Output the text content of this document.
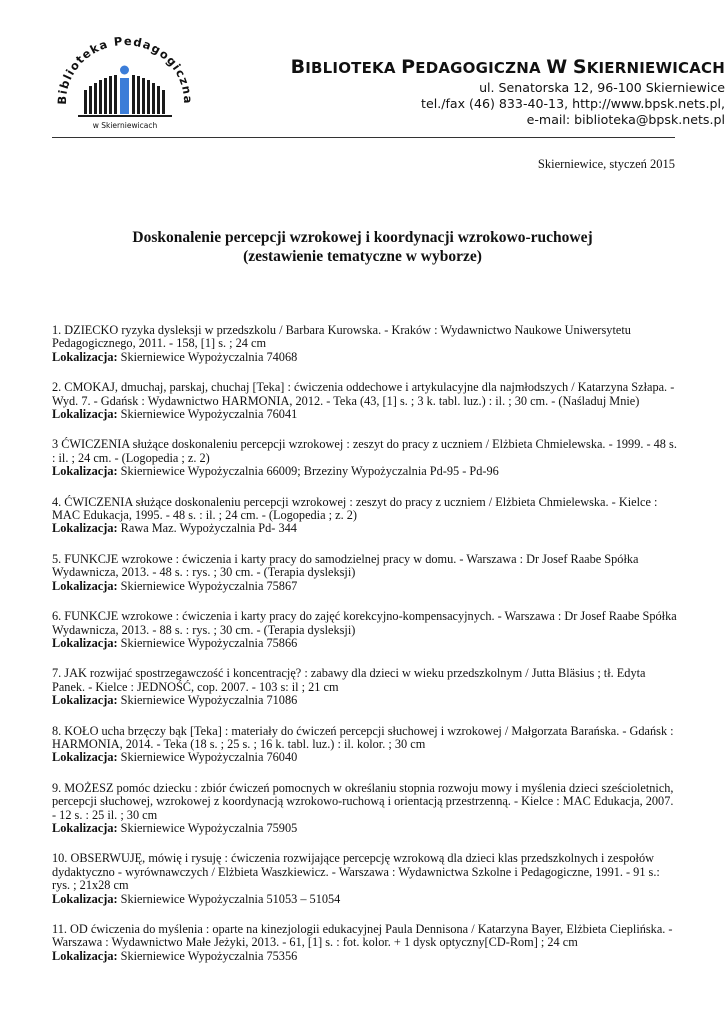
Biblioteka Pedagogiczna
w Skierniewicach
BIBLIOTEKA PEDAGOGICZNA W SKIERNIEWICACH
ul. Senatorska 12, 96-100 Skierniewice
tel./fax (46) 833-40-13, http://www.bpsk.nets.pl,
e-mail: biblioteka@bpsk.nets.pl
Skierniewice, styczeń 2015
Doskonalenie percepcji wzrokowej i koordynacji wzrokowo-ruchowej
(zestawienie tematyczne w wyborze)
1. DZIECKO ryzyka dysleksji w przedszkolu / Barbara Kurowska. - Kraków : Wydawnictwo Naukowe Uniwersytetu Pedagogicznego, 2011. - 158, [1] s. ; 24 cm
Lokalizacja: Skierniewice Wypożyczalnia 74068
2. CMOKAJ, dmuchaj, parskaj, chuchaj [Teka] : ćwiczenia oddechowe i artykulacyjne dla najmłodszych / Katarzyna Szłapa. - Wyd. 7. - Gdańsk : Wydawnictwo HARMONIA, 2012. - Teka (43, [1] s. ; 3 k. tabl. luz.) : il. ; 30 cm. - (Naśladuj Mnie)
Lokalizacja: Skierniewice Wypożyczalnia 76041
3 ĆWICZENIA służące doskonaleniu percepcji wzrokowej : zeszyt do pracy z uczniem / Elżbieta Chmielewska. - 1999. - 48 s. : il. ; 24 cm. - (Logopedia ; z. 2)
Lokalizacja: Skierniewice Wypożyczalnia 66009; Brzeziny Wypożyczalnia Pd-95 - Pd-96
4. ĆWICZENIA służące doskonaleniu percepcji wzrokowej : zeszyt do pracy z uczniem / Elżbieta Chmielewska. - Kielce : MAC Edukacja, 1995. - 48 s. : il. ; 24 cm. - (Logopedia ; z. 2)
Lokalizacja: Rawa Maz. Wypożyczalnia Pd- 344
5. FUNKCJE wzrokowe : ćwiczenia i karty pracy do samodzielnej pracy w domu. - Warszawa : Dr Josef Raabe Spółka Wydawnicza, 2013. - 48 s. : rys. ; 30 cm. - (Terapia dysleksji)
Lokalizacja: Skierniewice Wypożyczalnia 75867
6. FUNKCJE wzrokowe : ćwiczenia i karty pracy do zajęć korekcyjno-kompensacyjnych. - Warszawa : Dr Josef Raabe Spółka Wydawnicza, 2013. - 88 s. : rys. ; 30 cm. - (Terapia dysleksji)
Lokalizacja: Skierniewice Wypożyczalnia 75866
7. JAK rozwijać spostrzegawczość i koncentrację? : zabawy dla dzieci w wieku przedszkolnym / Jutta Bläsius ; tł. Edyta Panek. - Kielce : JEDNOŚĆ, cop. 2007. - 103 s: il ; 21 cm
Lokalizacja: Skierniewice Wypożyczalnia 71086
8. KOŁO ucha brzęczy bąk [Teka] : materiały do ćwiczeń percepcji słuchowej i wzrokowej / Małgorzata Barańska. - Gdańsk : HARMONIA, 2014. - Teka (18 s. ; 25 s. ; 16 k. tabl. luz.) : il. kolor. ; 30 cm
Lokalizacja: Skierniewice Wypożyczalnia 76040
9. MOŻESZ pomóc dziecku : zbiór ćwiczeń pomocnych w określaniu stopnia rozwoju mowy i myślenia dzieci sześcioletnich, percepcji słuchowej, wzrokowej z koordynacją wzrokowo-ruchową i orientacją przestrzenną. - Kielce : MAC Edukacja, 2007. - 12 s. : 25 il. ; 30 cm
Lokalizacja: Skierniewice Wypożyczalnia 75905
10. OBSERWUJĘ, mówię i rysuję : ćwiczenia rozwijające percepcję wzrokową dla dzieci klas przedszkolnych i zespołów dydaktyczno - wyrównawczych / Elżbieta Waszkiewicz. - Warszawa : Wydawnictwa Szkolne i Pedagogiczne, 1991. - 91 s.: rys. ; 21x28 cm
Lokalizacja: Skierniewice Wypożyczalnia 51053 – 51054
11. OD ćwiczenia do myślenia : oparte na kinezjologii edukacyjnej Paula Dennisona / Katarzyna Bayer, Elżbieta Cieplińska. - Warszawa : Wydawnictwo Małe Jeżyki, 2013. - 61, [1] s. : fot. kolor. + 1 dysk optyczny[CD-Rom] ; 24 cm
Lokalizacja: Skierniewice Wypożyczalnia 75356
